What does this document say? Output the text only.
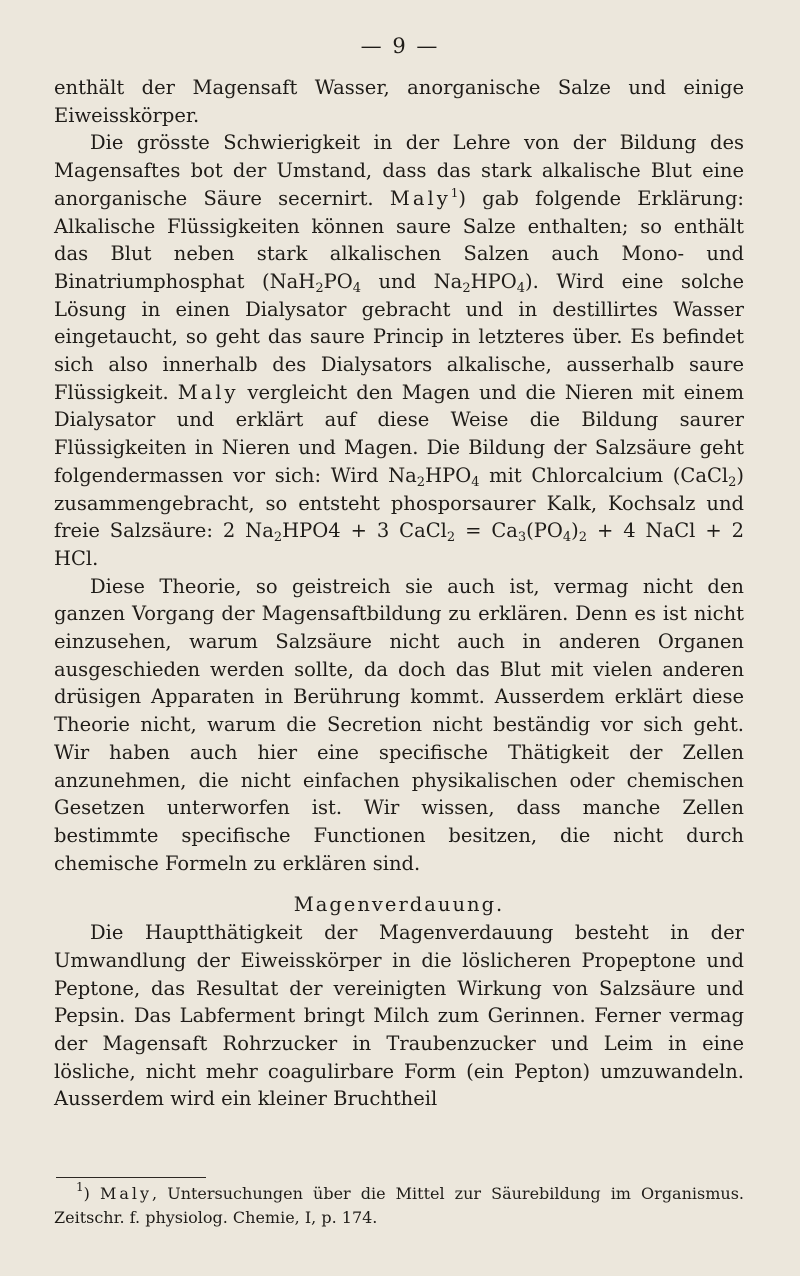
— 9 —

enthält der Magensaft Wasser, anorganische Salze und einige Eiweisskörper.

Die grösste Schwierigkeit in der Lehre von der Bildung des Magensaftes bot der Umstand, dass das stark alkalische Blut eine anorganische Säure secernirt. Maly$^1$) gab folgende Erklärung: Alkalische Flüssigkeiten können saure Salze enthalten; so enthält das Blut neben stark alkalischen Salzen auch Mono- und Binatriumphosphat ($NaH_2PO_4$ und $Na_2HPO_4$). Wird eine solche Lösung in einen Dialysator gebracht und in destillirtes Wasser eingetaucht, so geht das saure Princip in letzteres über. Es befindet sich also innerhalb des Dialysators alkalische, ausserhalb saure Flüssigkeit. Maly vergleicht den Magen und die Nieren mit einem Dialysator und erklärt auf diese Weise die Bildung saurer Flüssigkeiten in Nieren und Magen. Die Bildung der Salzsäure geht folgendermassen vor sich: Wird $Na_2HPO_4$ mit Chlorcalcium (CaCl$_2$) zusammengebracht, so entsteht phosporsaurer Kalk, Kochsalz und freie Salzsäure: 2 $Na_2HPO4 + 3$ CaCl$_2$ = $Ca_3(PO_4)_2 + 4$ NaCl + 2 HCl.

Diese Theorie, so geistreich sie auch ist, vermag nicht den ganzen Vorgang der Magensaftbildung zu erklären. Denn es ist nicht einzusehen, warum Salzsäure nicht auch in anderen Organen ausgeschieden werden sollte, da doch das Blut mit vielen anderen drüsigen Apparaten in Berührung kommt. Ausserdem erklärt diese Theorie nicht, warum die Secretion nicht beständig vor sich geht. Wir haben auch hier eine specifische Thätigkeit der Zellen anzunehmen, die nicht einfachen physikalischen oder chemischen Gesetzen unterworfen ist. Wir wissen, dass manche Zellen bestimmte specifische Functionen besitzen, die nicht durch chemische Formeln zu erklären sind.

Magenverdauung.

Die Hauptthätigkeit der Magenverdauung besteht in der Umwandlung der Eiweisskörper in die löslicheren Propeptone und Peptone, das Resultat der vereinigten Wirkung von Salzsäure und Pepsin. Das Labferment bringt Milch zum Gerinnen. Ferner vermag der Magensaft Rohrzucker in Traubenzucker und Leim in eine lösliche, nicht mehr coagulirbare Form (ein Pepton) umzuwandeln. Ausserdem wird ein kleiner Bruchtheil

$^1$) Maly, Untersuchungen über die Mittel zur Säurebildung im Organismus. Zeitschr. f. physiolog. Chemie, I, p. 174.
